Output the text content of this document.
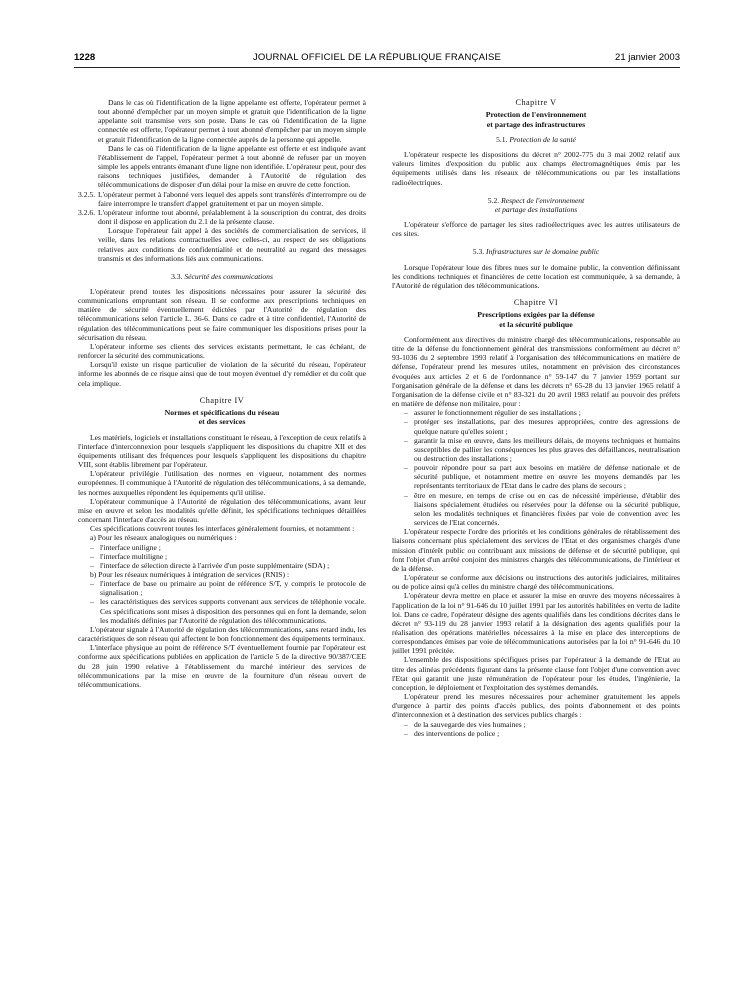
1228	JOURNAL OFFICIEL DE LA RÉPUBLIQUE FRANÇAISE	21 janvier 2003

Dans le cas où l'identification de la ligne appelante est offerte, l'opérateur permet à tout abonné d'empêcher par un moyen simple et gratuit que l'identification de la ligne appelante soit transmise vers son poste. Dans le cas où l'identification de la ligne connectée est offerte, l'opérateur permet à tout abonné d'empêcher par un moyen simple et gratuit l'identification de la ligne connectée auprès de la personne qui appelle.

Dans le cas où l'identification de la ligne appelante est offerte et est indiquée avant l'établissement de l'appel, l'opérateur permet à tout abonné de refuser par un moyen simple les appels entrants émanant d'une ligne non identifiée. L'opérateur peut, pour des raisons techniques justifiées, demander à l'Autorité de régulation des télécommunications de disposer d'un délai pour la mise en œuvre de cette fonction.

3.2.5. L'opérateur permet à l'abonné vers lequel des appels sont transférés d'interrompre ou de faire interrompre le transfert d'appel gratuitement et par un moyen simple.
3.2.6. L'opérateur informe tout abonné, préalablement à la souscription du contrat, des droits dont il dispose en application du 2.1 de la présente clause.

Lorsque l'opérateur fait appel à des sociétés de commercialisation de services, il veille, dans les relations contractuelles avec celles-ci, au respect de ses obligations relatives aux conditions de confidentialité et de neutralité au regard des messages transmis et des informations liés aux communications.

3.3. Sécurité des communications

L'opérateur prend toutes les dispositions nécessaires pour assurer la sécurité des communications empruntant son réseau. Il se conforme aux prescriptions techniques en matière de sécurité éventuellement édictées par l'Autorité de régulation des télécommunications selon l'article L. 36-6. Dans ce cadre et à titre confidentiel, l'Autorité de régulation des télécommunications peut se faire communiquer les dispositions prises pour la sécurisation du réseau.

L'opérateur informe ses clients des services existants permettant, le cas échéant, de renforcer la sécurité des communications.

Lorsqu'il existe un risque particulier de violation de la sécurité du réseau, l'opérateur informe les abonnés de ce risque ainsi que de tout moyen éventuel d'y remédier et du coût que cela implique.

Chapitre IV
Normes et spécifications du réseau
et des services

Les matériels, logiciels et installations constituant le réseau, à l'exception de ceux relatifs à l'interface d'interconnexion pour lesquels s'appliquent les dispositions du chapitre XII et des équipements utilisant des fréquences pour lesquels s'appliquent les dispositions du chapitre VIII, sont établis librement par l'opérateur.

L'opérateur privilégie l'utilisation des normes en vigueur, notamment des normes européennes. Il communique à l'Autorité de régulation des télécommunications, à sa demande, les normes auxquelles répondent les équipements qu'il utilise.

L'opérateur communique à l'Autorité de régulation des télécommunications, avant leur mise en œuvre et selon les modalités qu'elle définit, les spécifications techniques détaillées concernant l'interface d'accès au réseau.

Ces spécifications couvrent toutes les interfaces généralement fournies, et notamment :

a) Pour les réseaux analogiques ou numériques :

– l'interface uniligne ;
– l'interface multiligne ;
– l'interface de sélection directe à l'arrivée d'un poste supplémentaire (SDA) ;

b) Pour les réseaux numériques à intégration de services (RNIS) :

– l'interface de base ou primaire au point de référence S/T, y compris le protocole de signalisation ;
– les caractéristiques des services supports convenant aux services de téléphonie vocale. Ces spécifications sont mises à disposition des personnes qui en font la demande, selon les modalités définies par l'Autorité de régulation des télécommunications.

L'opérateur signale à l'Autorité de régulation des télécommunications, sans retard indu, les caractéristiques de son réseau qui affectent le bon fonctionnement des équipements terminaux.

L'interface physique au point de référence S/T éventuellement fournie par l'opérateur est conforme aux spécifications publiées en application de l'article 5 de la directive 90/387/CEE du 28 juin 1990 relative à l'établissement du marché intérieur des services de télécommunications par la mise en œuvre de la fourniture d'un réseau ouvert de télécommunications.

Chapitre V
Protection de l'environnement
et partage des infrastructures
5.1. Protection de la santé

L'opérateur respecte les dispositions du décret n° 2002-775 du 3 mai 2002 relatif aux valeurs limites d'exposition du public aux champs électromagnétiques émis par les équipements utilisés dans les réseaux de télécommunications ou par les installations radioélectriques.

5.2. Respect de l'environnement
et partage des installations

L'opérateur s'efforce de partager les sites radioélectriques avec les autres utilisateurs de ces sites.

5.3. Infrastructures sur le domaine public

Lorsque l'opérateur loue des fibres nues sur le domaine public, la convention définissant les conditions techniques et financières de cette location est communiquée, à sa demande, à l'Autorité de régulation des télécommunications.

Chapitre VI
Prescriptions exigées par la défense
et la sécurité publique

Conformément aux directives du ministre chargé des télécommunications, responsable au titre de la défense du fonctionnement général des transmissions conformément au décret n° 93-1036 du 2 septembre 1993 relatif à l'organisation des télécommunications en matière de défense, l'opérateur prend les mesures utiles, notamment en prévision des circonstances évoquées aux articles 2 et 6 de l'ordonnance n° 59-147 du 7 janvier 1959 portant sur l'organisation générale de la défense et dans les décrets n° 65-28 du 13 janvier 1965 relatif à l'organisation de la défense civile et n° 83-321 du 20 avril 1983 relatif au pouvoir des préfets en matière de défense non militaire, pour :

– assurer le fonctionnement régulier de ses installations ;
– protéger ses installations, par des mesures appropriées, contre des agressions de quelque nature qu'elles soient ;
– garantir la mise en œuvre, dans les meilleurs délais, de moyens techniques et humains susceptibles de pallier les conséquences les plus graves des défaillances, neutralisation ou destruction des installations ;
– pouvoir répondre pour sa part aux besoins en matière de défense nationale et de sécurité publique, et notamment mettre en œuvre les moyens demandés par les représentants territoriaux de l'Etat dans le cadre des plans de secours ;
– être en mesure, en temps de crise ou en cas de nécessité impérieuse, d'établir des liaisons spécialement étudiées ou réservées pour la défense ou la sécurité publique, selon les modalités techniques et financières fixées par voie de convention avec les services de l'Etat concernés.

L'opérateur respecte l'ordre des priorités et les conditions générales de rétablissement des liaisons concernant plus spécialement des services de l'Etat et des organismes chargés d'une mission d'intérêt public ou contribuant aux missions de défense et de sécurité publique, qui font l'objet d'un arrêté conjoint des ministres chargés des télécommunications, de l'intérieur et de la défense.

L'opérateur se conforme aux décisions ou instructions des autorités judiciaires, militaires ou de police ainsi qu'à celles du ministre chargé des télécommunications.

L'opérateur devra mettre en place et assurer la mise en œuvre des moyens nécessaires à l'application de la loi n° 91-646 du 10 juillet 1991 par les autorités habilitées en vertu de ladite loi. Dans ce cadre, l'opérateur désigne des agents qualifiés dans les conditions décrites dans le décret n° 93-119 du 28 janvier 1993 relatif à la désignation des agents qualifiés pour la réalisation des opérations matérielles nécessaires à la mise en place des interceptions de correspondances émises par voie de télécommunications autorisées par la loi n° 91-646 du 10 juillet 1991 précitée.

L'ensemble des dispositions spécifiques prises par l'opérateur à la demande de l'Etat au titre des alinéas précédents figurant dans la présente clause font l'objet d'une convention avec l'Etat qui garantit une juste rémunération de l'opérateur pour les études, l'ingénierie, la conception, le déploiement et l'exploitation des systèmes demandés.

L'opérateur prend les mesures nécessaires pour acheminer gratuitement les appels d'urgence à partir des points d'accès publics, des points d'abonnement et des points d'interconnexion et à destination des services publics chargés :

– de la sauvegarde des vies humaines ;
– des interventions de police ;
